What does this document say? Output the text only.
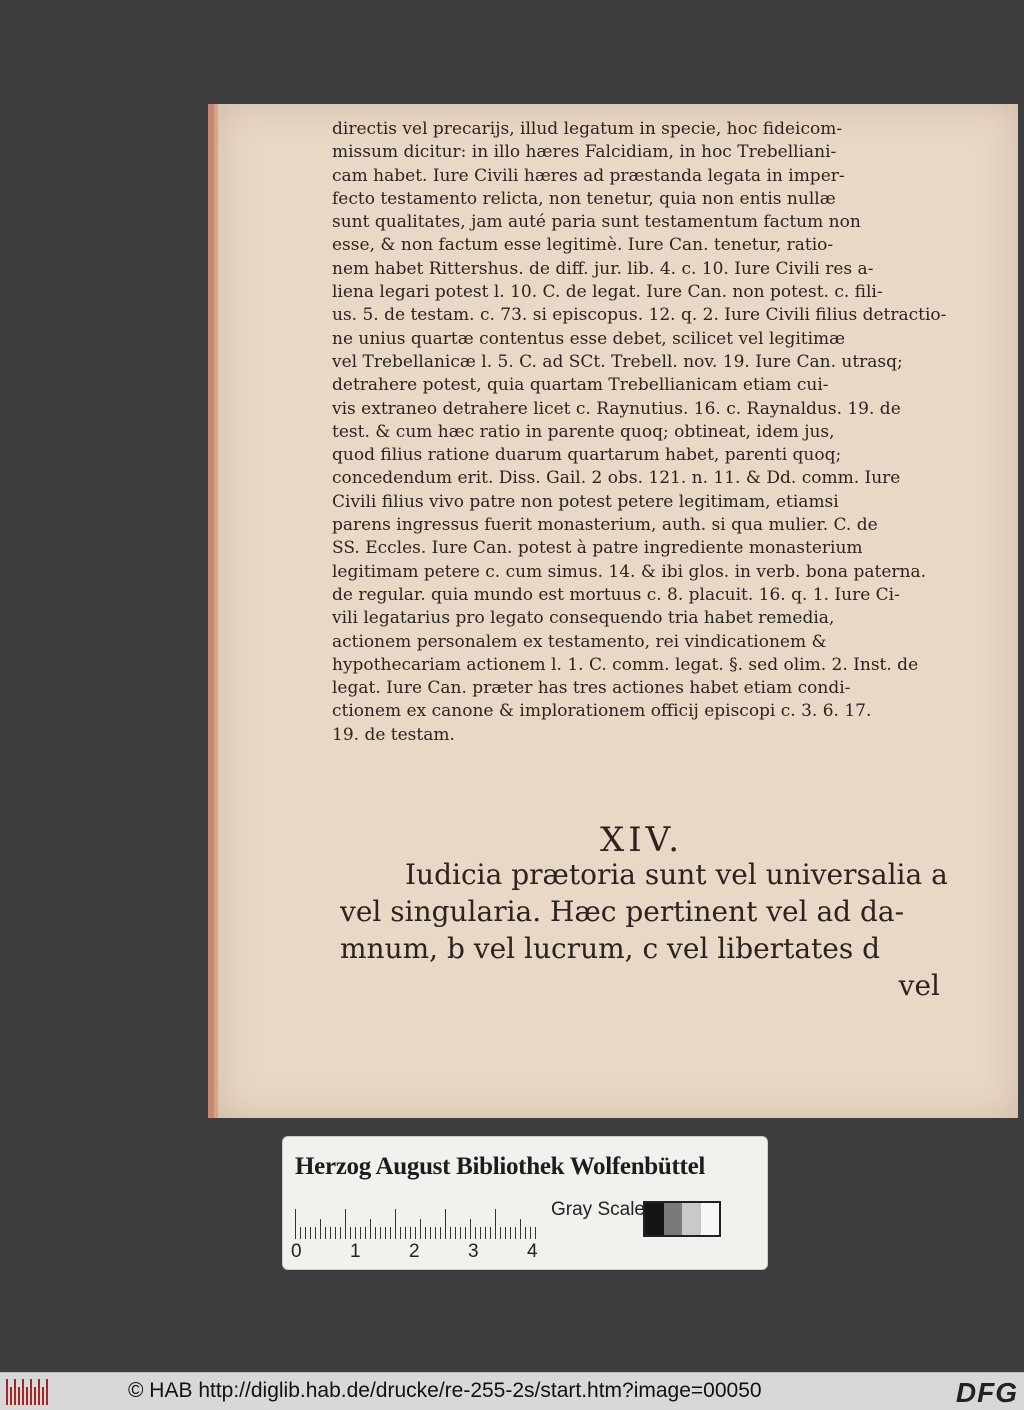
directis vel precarijs, illud legatum in specie, hoc fideicom-
missum dicitur: in illo hæres Falcidiam, in hoc Trebelliani-
cam habet. Iure Civili hæres ad præstanda legata in imper-
fecto testamento relicta, non tenetur, quia non entis nullæ
sunt qualitates, jam auté paria sunt testamentum factum non
esse, & non factum esse legitimè. Iure Can. tenetur, ratio-
nem habet Rittershus. de diff. jur. lib. 4. c. 10. Iure Civili res a-
liena legari potest l. 10. C. de legat. Iure Can. non potest. c. fili-
us. 5. de testam. c. 73. si episcopus. 12. q. 2. Iure Civili filius detractio-
ne unius quartæ contentus esse debet, scilicet vel legitimæ
vel Trebellanicæ l. 5. C. ad SCt. Trebell. nov. 19. Iure Can. utrasq;
detrahere potest, quia quartam Trebellianicam etiam cui-
vis extraneo detrahere licet c. Raynutius. 16. c. Raynaldus. 19. de
test. & cum hæc ratio in parente quoq; obtineat, idem jus,
quod filius ratione duarum quartarum habet, parenti quoq;
concedendum erit. Diss. Gail. 2 obs. 121. n. 11. & Dd. comm. Iure
Civili filius vivo patre non potest petere legitimam, etiamsi
parens ingressus fuerit monasterium, auth. si qua mulier. C. de
SS. Eccles. Iure Can. potest à patre ingrediente monasterium
legitimam petere c. cum simus. 14. & ibi glos. in verb. bona paterna.
de regular. quia mundo est mortuus c. 8. placuit. 16. q. 1. Iure Ci-
vili legatarius pro legato consequendo tria habet remedia,
actionem personalem ex testamento, rei vindicationem &
hypothecariam actionem l. 1. C. comm. legat. §. sed olim. 2. Inst. de
legat. Iure Can. præter has tres actiones habet etiam condi-
ctionem ex canone & implorationem officij episcopi c. 3. 6. 17.
19. de testam.
XIV.
Iudicia prætoria sunt vel universalia a
vel singularia. Hæc pertinent vel ad da-
mnum, b vel lucrum, c vel libertates d
vel
Herzog August Bibliothek Wolfenbüttel
Gray Scale
0	1	2	3	4
© HAB http://diglib.hab.de/drucke/re-255-2s/start.htm?image=00050	DFG
